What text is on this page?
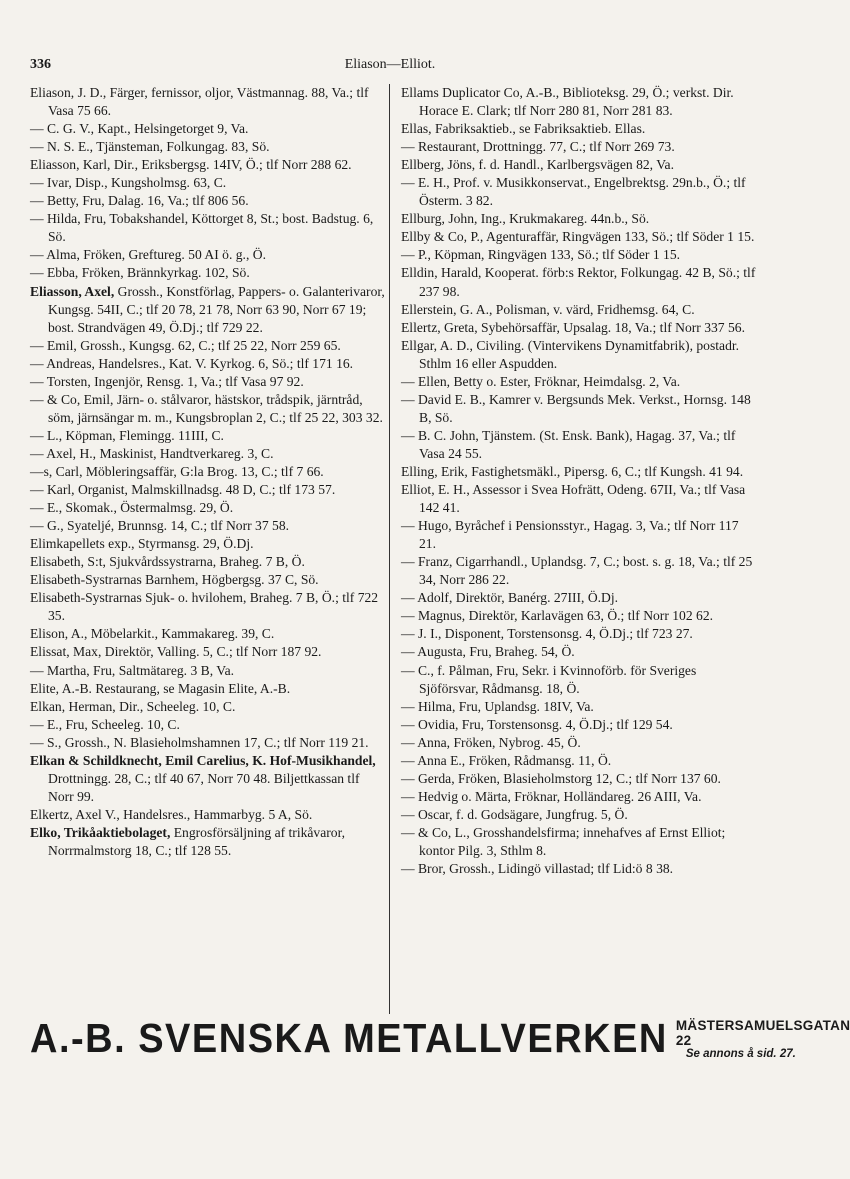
336	Eliason—Elliot.

Eliason, J. D., Färger, fernissor, oljor, Västmannag. 88, Va.; tlf Vasa 75 66.

— C. G. V., Kapt., Helsingetorget 9, Va.

— N. S. E., Tjänsteman, Folkungag. 83, Sö.

Eliasson, Karl, Dir., Eriksbergsg. 14IV, Ö.; tlf Norr 288 62.

— Ivar, Disp., Kungsholmsg. 63, C.

— Betty, Fru, Dalag. 16, Va.; tlf 806 56.

— Hilda, Fru, Tobakshandel, Köttorget 8, St.; bost. Badstug. 6, Sö.

— Alma, Fröken, Greftureg. 50 AI ö. g., Ö.

— Ebba, Fröken, Brännkyrkag. 102, Sö.

Eliasson, Axel, Grossh., Konstförlag, Pappers- o. Galanterivaror, Kungsg. 54II, C.; tlf 20 78, 21 78, Norr 63 90, Norr 67 19; bost. Strandvägen 49, Ö.Dj.; tlf 729 22.

— Emil, Grossh., Kungsg. 62, C.; tlf 25 22, Norr 259 65.

— Andreas, Handelsres., Kat. V. Kyrkog. 6, Sö.; tlf 171 16.

— Torsten, Ingenjör, Rensg. 1, Va.; tlf Vasa 97 92.

— & Co, Emil, Järn- o. stålvaror, hästskor, trådspik, järntråd, söm, järnsängar m. m., Kungsbroplan 2, C.; tlf 25 22, 303 32.

— L., Köpman, Flemingg. 11III, C.

— Axel, H., Maskinist, Handtverkareg. 3, C.

—s, Carl, Möbleringsaffär, G:la Brog. 13, C.; tlf 7 66.

— Karl, Organist, Malmskillnadsg. 48 D, C.; tlf 173 57.

— E., Skomak., Östermalmsg. 29, Ö.

— G., Syateljé, Brunnsg. 14, C.; tlf Norr 37 58.

Elimkapellets exp., Styrmansg. 29, Ö.Dj.

Elisabeth, S:t, Sjukvårdssystrarna, Braheg. 7 B, Ö.

Elisabeth-Systrarnas Barnhem, Högbergsg. 37 C, Sö.

Elisabeth-Systrarnas Sjuk- o. hvilohem, Braheg. 7 B, Ö.; tlf 722 35.

Elison, A., Möbelarkit., Kammakareg. 39, C.

Elissat, Max, Direktör, Valling. 5, C.; tlf Norr 187 92.

— Martha, Fru, Saltmätareg. 3 B, Va.

Elite, A.-B. Restaurang, se Magasin Elite, A.-B.

Elkan, Herman, Dir., Scheeleg. 10, C.

— E., Fru, Scheeleg. 10, C.

— S., Grossh., N. Blasieholmshamnen 17, C.; tlf Norr 119 21.

Elkan & Schildknecht, Emil Carelius, K. Hof-Musikhandel, Drottningg. 28, C.; tlf 40 67, Norr 70 48. Biljettkassan tlf Norr 99.

Elkertz, Axel V., Handelsres., Hammarbyg. 5 A, Sö.

Elko, Trikåaktiebolaget, Engrosförsäljning af trikåvaror, Norrmalmstorg 18, C.; tlf 128 55.

Ellams Duplicator Co, A.-B., Biblioteksg. 29, Ö.; verkst. Dir. Horace E. Clark; tlf Norr 280 81, Norr 281 83.

Ellas, Fabriksaktieb., se Fabriksaktieb. Ellas.

— Restaurant, Drottningg. 77, C.; tlf Norr 269 73.

Ellberg, Jöns, f. d. Handl., Karlbergsvägen 82, Va.

— E. H., Prof. v. Musikkonservat., Engelbrektsg. 29n.b., Ö.; tlf Österm. 3 82.

Ellburg, John, Ing., Krukmakareg. 44n.b., Sö.

Ellby & Co, P., Agenturaffär, Ringvägen 133, Sö.; tlf Söder 1 15.

— P., Köpman, Ringvägen 133, Sö.; tlf Söder 1 15.

Elldin, Harald, Kooperat. förb:s Rektor, Folkungag. 42 B, Sö.; tlf 237 98.

Ellerstein, G. A., Polisman, v. värd, Fridhemsg. 64, C.

Ellertz, Greta, Sybehörsaffär, Upsalag. 18, Va.; tlf Norr 337 56.

Ellgar, A. D., Civiling. (Vintervikens Dynamitfabrik), postadr. Sthlm 16 eller Aspudden.

— Ellen, Betty o. Ester, Fröknar, Heimdalsg. 2, Va.

— David E. B., Kamrer v. Bergsunds Mek. Verkst., Hornsg. 148 B, Sö.

— B. C. John, Tjänstem. (St. Ensk. Bank), Hagag. 37, Va.; tlf Vasa 24 55.

Elling, Erik, Fastighetsmäkl., Pipersg. 6, C.; tlf Kungsh. 41 94.

Elliot, E. H., Assessor i Svea Hofrätt, Odeng. 67II, Va.; tlf Vasa 142 41.

— Hugo, Byråchef i Pensionsstyr., Hagag. 3, Va.; tlf Norr 117 21.

— Franz, Cigarrhandl., Uplandsg. 7, C.; bost. s. g. 18, Va.; tlf 25 34, Norr 286 22.

— Adolf, Direktör, Banérg. 27III, Ö.Dj.

— Magnus, Direktör, Karlavägen 63, Ö.; tlf Norr 102 62.

— J. I., Disponent, Torstensonsg. 4, Ö.Dj.; tlf 723 27.

— Augusta, Fru, Braheg. 54, Ö.

— C., f. Pålman, Fru, Sekr. i Kvinnoförb. för Sveriges Sjöförsvar, Rådmansg. 18, Ö.

— Hilma, Fru, Uplandsg. 18IV, Va.

— Ovidia, Fru, Torstensonsg. 4, Ö.Dj.; tlf 129 54.

— Anna, Fröken, Nybrog. 45, Ö.

— Anna E., Fröken, Rådmansg. 11, Ö.

— Gerda, Fröken, Blasieholmstorg 12, C.; tlf Norr 137 60.

— Hedvig o. Märta, Fröknar, Holländareg. 26 AIII, Va.

— Oscar, f. d. Godsägare, Jungfrug. 5, Ö.

— & Co, L., Grosshandelsfirma; innehafves af Ernst Elliot; kontor Pilg. 3, Sthlm 8.

— Bror, Grossh., Lidingö villastad; tlf Lid:ö 8 38.

A.-B. SVENSKA METALLVERKEN MÄSTERSAMUELSGATAN 22
Se annons å sid. 27.
